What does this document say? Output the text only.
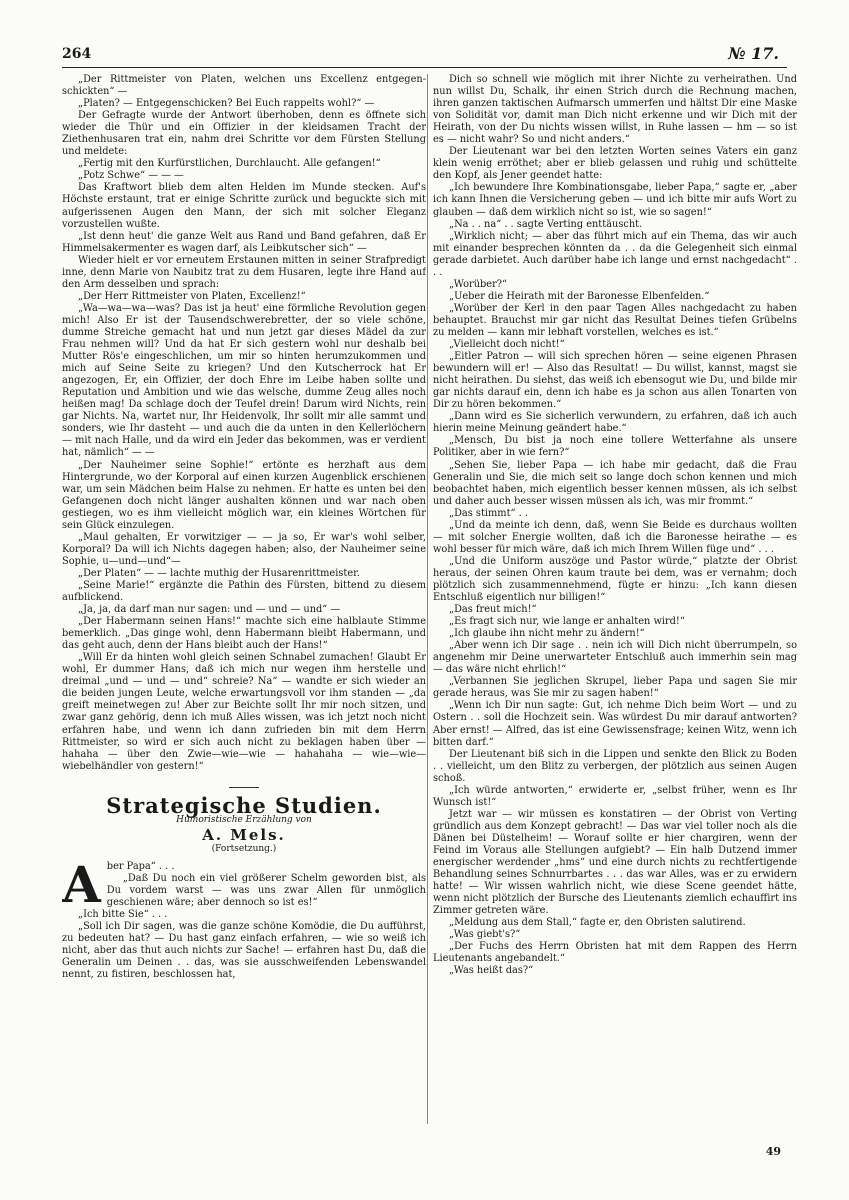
264	№ 17.

„Der Rittmeister von Platen, welchen uns Excellenz entgegenschickten“ —

„Platen? — Entgegenschicken? Bei Euch rappelts wohl?“ —

Der Gefragte wurde der Antwort überhoben, denn es öffnete sich wieder die Thür und ein Offizier in der kleidsamen Tracht der Ziethenhusaren trat ein, nahm drei Schritte vor dem Fürsten Stellung und meldete:

„Fertig mit den Kurfürstlichen, Durchlaucht. Alle gefangen!“

„Potz Schwe“ — — —

Das Kraftwort blieb dem alten Helden im Munde stecken. Auf's Höchste erstaunt, trat er einige Schritte zurück und beguckte sich mit aufgerissenen Augen den Mann, der sich mit solcher Eleganz vorzustellen wußte.

„Ist denn heut' die ganze Welt aus Rand und Band gefahren, daß Er Himmelsakermenter es wagen darf, als Leibkutscher sich“ —

Wieder hielt er vor erneutem Erstaunen mitten in seiner Strafpredigt inne, denn Marie von Naubitz trat zu dem Husaren, legte ihre Hand auf den Arm desselben und sprach:

„Der Herr Rittmeister von Platen, Excellenz!“

„Wa—wa—wa—was? Das ist ja heut' eine förmliche Revolution gegen mich! Also Er ist der Tausendschwerebretter, der so viele schöne, dumme Streiche gemacht hat und nun jetzt gar dieses Mädel da zur Frau nehmen will? Und da hat Er sich gestern wohl nur deshalb bei Mutter Rös'e eingeschlichen, um mir so hinten herumzukommen und mich auf Seine Seite zu kriegen? Und den Kutscherrock hat Er angezogen, Er, ein Offizier, der doch Ehre im Leibe haben sollte und Reputation und Ambition und wie das welsche, dumme Zeug alles noch heißen mag! Da schlage doch der Teufel drein! Darum wird Nichts, rein gar Nichts. Na, wartet nur, Ihr Heidenvolk, Ihr sollt mir alle sammt und sonders, wie Ihr dasteht — und auch die da unten in den Kellerlöchern — mit nach Halle, und da wird ein Jeder das bekommen, was er verdient hat, nämlich“ — —

„Der Nauheimer seine Sophie!“ ertönte es herzhaft aus dem Hintergrunde, wo der Korporal auf einen kurzen Augenblick erschienen war, um sein Mädchen beim Halse zu nehmen. Er hatte es unten bei den Gefangenen doch nicht länger aushalten können und war nach oben gestiegen, wo es ihm vielleicht möglich war, ein kleines Wörtchen für sein Glück einzulegen.

„Maul gehalten, Er vorwitziger — — ja so, Er war's wohl selber, Korporal? Da will ich Nichts dagegen haben; also, der Nauheimer seine Sophie, u—und—und“—

„Der Platen“ — — lachte muthig der Husarenrittmeister.

„Seine Marie!“ ergänzte die Pathin des Fürsten, bittend zu diesem aufblickend.

„Ja, ja, da darf man nur sagen: und — und — und“ —

„Der Habermann seinen Hans!“ machte sich eine halblaute Stimme bemerklich. „Das ginge wohl, denn Habermann bleibt Habermann, und das geht auch, denn der Hans bleibt auch der Hans!“

„Will Er da hinten wohl gleich seinen Schnabel zumachen! Glaubt Er wohl, Er dummer Hans, daß ich mich nur wegen ihm herstelle und dreimal „und — und — und“ schreie? Na“ — wandte er sich wieder an die beiden jungen Leute, welche erwartungsvoll vor ihm standen — „da greift meinetwegen zu! Aber zur Beichte sollt Ihr mir noch sitzen, und zwar ganz gehörig, denn ich muß Alles wissen, was ich jetzt noch nicht erfahren habe, und wenn ich dann zufrieden bin mit dem Herrn Rittmeister, so wird er sich auch nicht zu beklagen haben über — hahaha — über den Zwie—wie—wie — hahahaha — wie—wie—wiebelhändler von gestern!“

Strategische Studien.
Humoristische Erzählung von
A. Mels.
(Fortsetzung.)

Aber Papa“ . . .

„Daß Du noch ein viel größerer Schelm geworden bist, als Du vordem warst — was uns zwar Allen für unmöglich geschienen wäre; aber dennoch so ist es!“

„Ich bitte Sie“ . . .

„Soll ich Dir sagen, was die ganze schöne Komödie, die Du aufführst, zu bedeuten hat? — Du hast ganz einfach erfahren, — wie so weiß ich nicht, aber das thut auch nichts zur Sache! — erfahren hast Du, daß die Generalin um Deinen . . das, was sie ausschweifenden Lebenswandel nennt, zu fistiren, beschlossen hat,

Dich so schnell wie möglich mit ihrer Nichte zu verheirathen. Und nun willst Du, Schalk, ihr einen Strich durch die Rechnung machen, ihren ganzen taktischen Aufmarsch ummerfen und hältst Dir eine Maske von Solidität vor, damit man Dich nicht erkenne und wir Dich mit der Heirath, von der Du nichts wissen willst, in Ruhe lassen — hm — so ist es — nicht wahr? So und nicht anders.“

Der Lieutenant war bei den letzten Worten seines Vaters ein ganz klein wenig erröthet; aber er blieb gelassen und ruhig und schüttelte den Kopf, als Jener geendet hatte:

„Ich bewundere Ihre Kombinationsgabe, lieber Papa,“ sagte er, „aber ich kann Ihnen die Versicherung geben — und ich bitte mir aufs Wort zu glauben — daß dem wirklich nicht so ist, wie so sagen!“

„Na . . na“ . . sagte Verting enttäuscht.

„Wirklich nicht; — aber das führt mich auf ein Thema, das wir auch mit einander besprechen könnten da . . da die Gelegenheit sich einmal gerade darbietet. Auch darüber habe ich lange und ernst nachgedacht“ . . .

„Worüber?“

„Ueber die Heirath mit der Baronesse Elbenfelden.“

„Worüber der Kerl in den paar Tagen Alles nachgedacht zu haben behauptet. Brauchst mir gar nicht das Resultat Deines tiefen Grübelns zu melden — kann mir lebhaft vorstellen, welches es ist.“

„Vielleicht doch nicht!“

„Eitler Patron — will sich sprechen hören — seine eigenen Phrasen bewundern will er! — Also das Resultat! — Du willst, kannst, magst sie nicht heirathen. Du siehst, das weiß ich ebensogut wie Du, und bilde mir gar nichts darauf ein, denn ich habe es ja schon aus allen Tonarten von Dir zu hören bekommen.“

„Dann wird es Sie sicherlich verwundern, zu erfahren, daß ich auch hierin meine Meinung geändert habe.“

„Mensch, Du bist ja noch eine tollere Wetterfahne als unsere Politiker, aber in wie fern?“

„Sehen Sie, lieber Papa — ich habe mir gedacht, daß die Frau Generalin und Sie, die mich seit so lange doch schon kennen und mich beobachtet haben, mich eigentlich besser kennen müssen, als ich selbst und daher auch besser wissen müssen als ich, was mir frommt.“

„Das stimmt“ . .

„Und da meinte ich denn, daß, wenn Sie Beide es durchaus wollten — mit solcher Energie wollten, daß ich die Baronesse heirathe — es wohl besser für mich wäre, daß ich mich Ihrem Willen füge und“ . . .

„Und die Uniform auszöge und Pastor würde,“ platzte der Obrist heraus, der seinen Ohren kaum traute bei dem, was er vernahm; doch plötzlich sich zusammennehmend, fügte er hinzu: „Ich kann diesen Entschluß eigentlich nur billigen!“

„Das freut mich!“

„Es fragt sich nur, wie lange er anhalten wird!“

„Ich glaube ihn nicht mehr zu ändern!“

„Aber wenn ich Dir sage . . nein ich will Dich nicht überrumpeln, so angenehm mir Deine unerwarteter Entschluß auch immerhin sein mag — das wäre nicht ehrlich!“

„Verbannen Sie jeglichen Skrupel, lieber Papa und sagen Sie mir gerade heraus, was Sie mir zu sagen haben!“

„Wenn ich Dir nun sagte: Gut, ich nehme Dich beim Wort — und zu Ostern . . soll die Hochzeit sein. Was würdest Du mir darauf antworten? Aber ernst! — Alfred, das ist eine Gewissensfrage; keinen Witz, wenn ich bitten darf.“

Der Lieutenant biß sich in die Lippen und senkte den Blick zu Boden . . vielleicht, um den Blitz zu verbergen, der plötzlich aus seinen Augen schoß.

„Ich würde antworten,“ erwiderte er, „selbst früher, wenn es Ihr Wunsch ist!“

Jetzt war — wir müssen es konstatiren — der Obrist von Verting gründlich aus dem Konzept gebracht! — Das war viel toller noch als die Dänen bei Düstelheim! — Worauf sollte er hier chargiren, wenn der Feind im Voraus alle Stellungen aufgiebt? — Ein halb Dutzend immer energischer werdender „hms“ und eine durch nichts zu rechtfertigende Behandlung seines Schnurrbartes . . . das war Alles, was er zu erwidern hatte! — Wir wissen wahrlich nicht, wie diese Scene geendet hätte, wenn nicht plötzlich der Bursche des Lieutenants ziemlich echauffirt ins Zimmer getreten wäre.

„Meldung aus dem Stall,“ fagte er, den Obristen salutirend.

„Was giebt's?“

„Der Fuchs des Herrn Obristen hat mit dem Rappen des Herrn Lieutenants angebandelt.“

„Was heißt das?“

49
